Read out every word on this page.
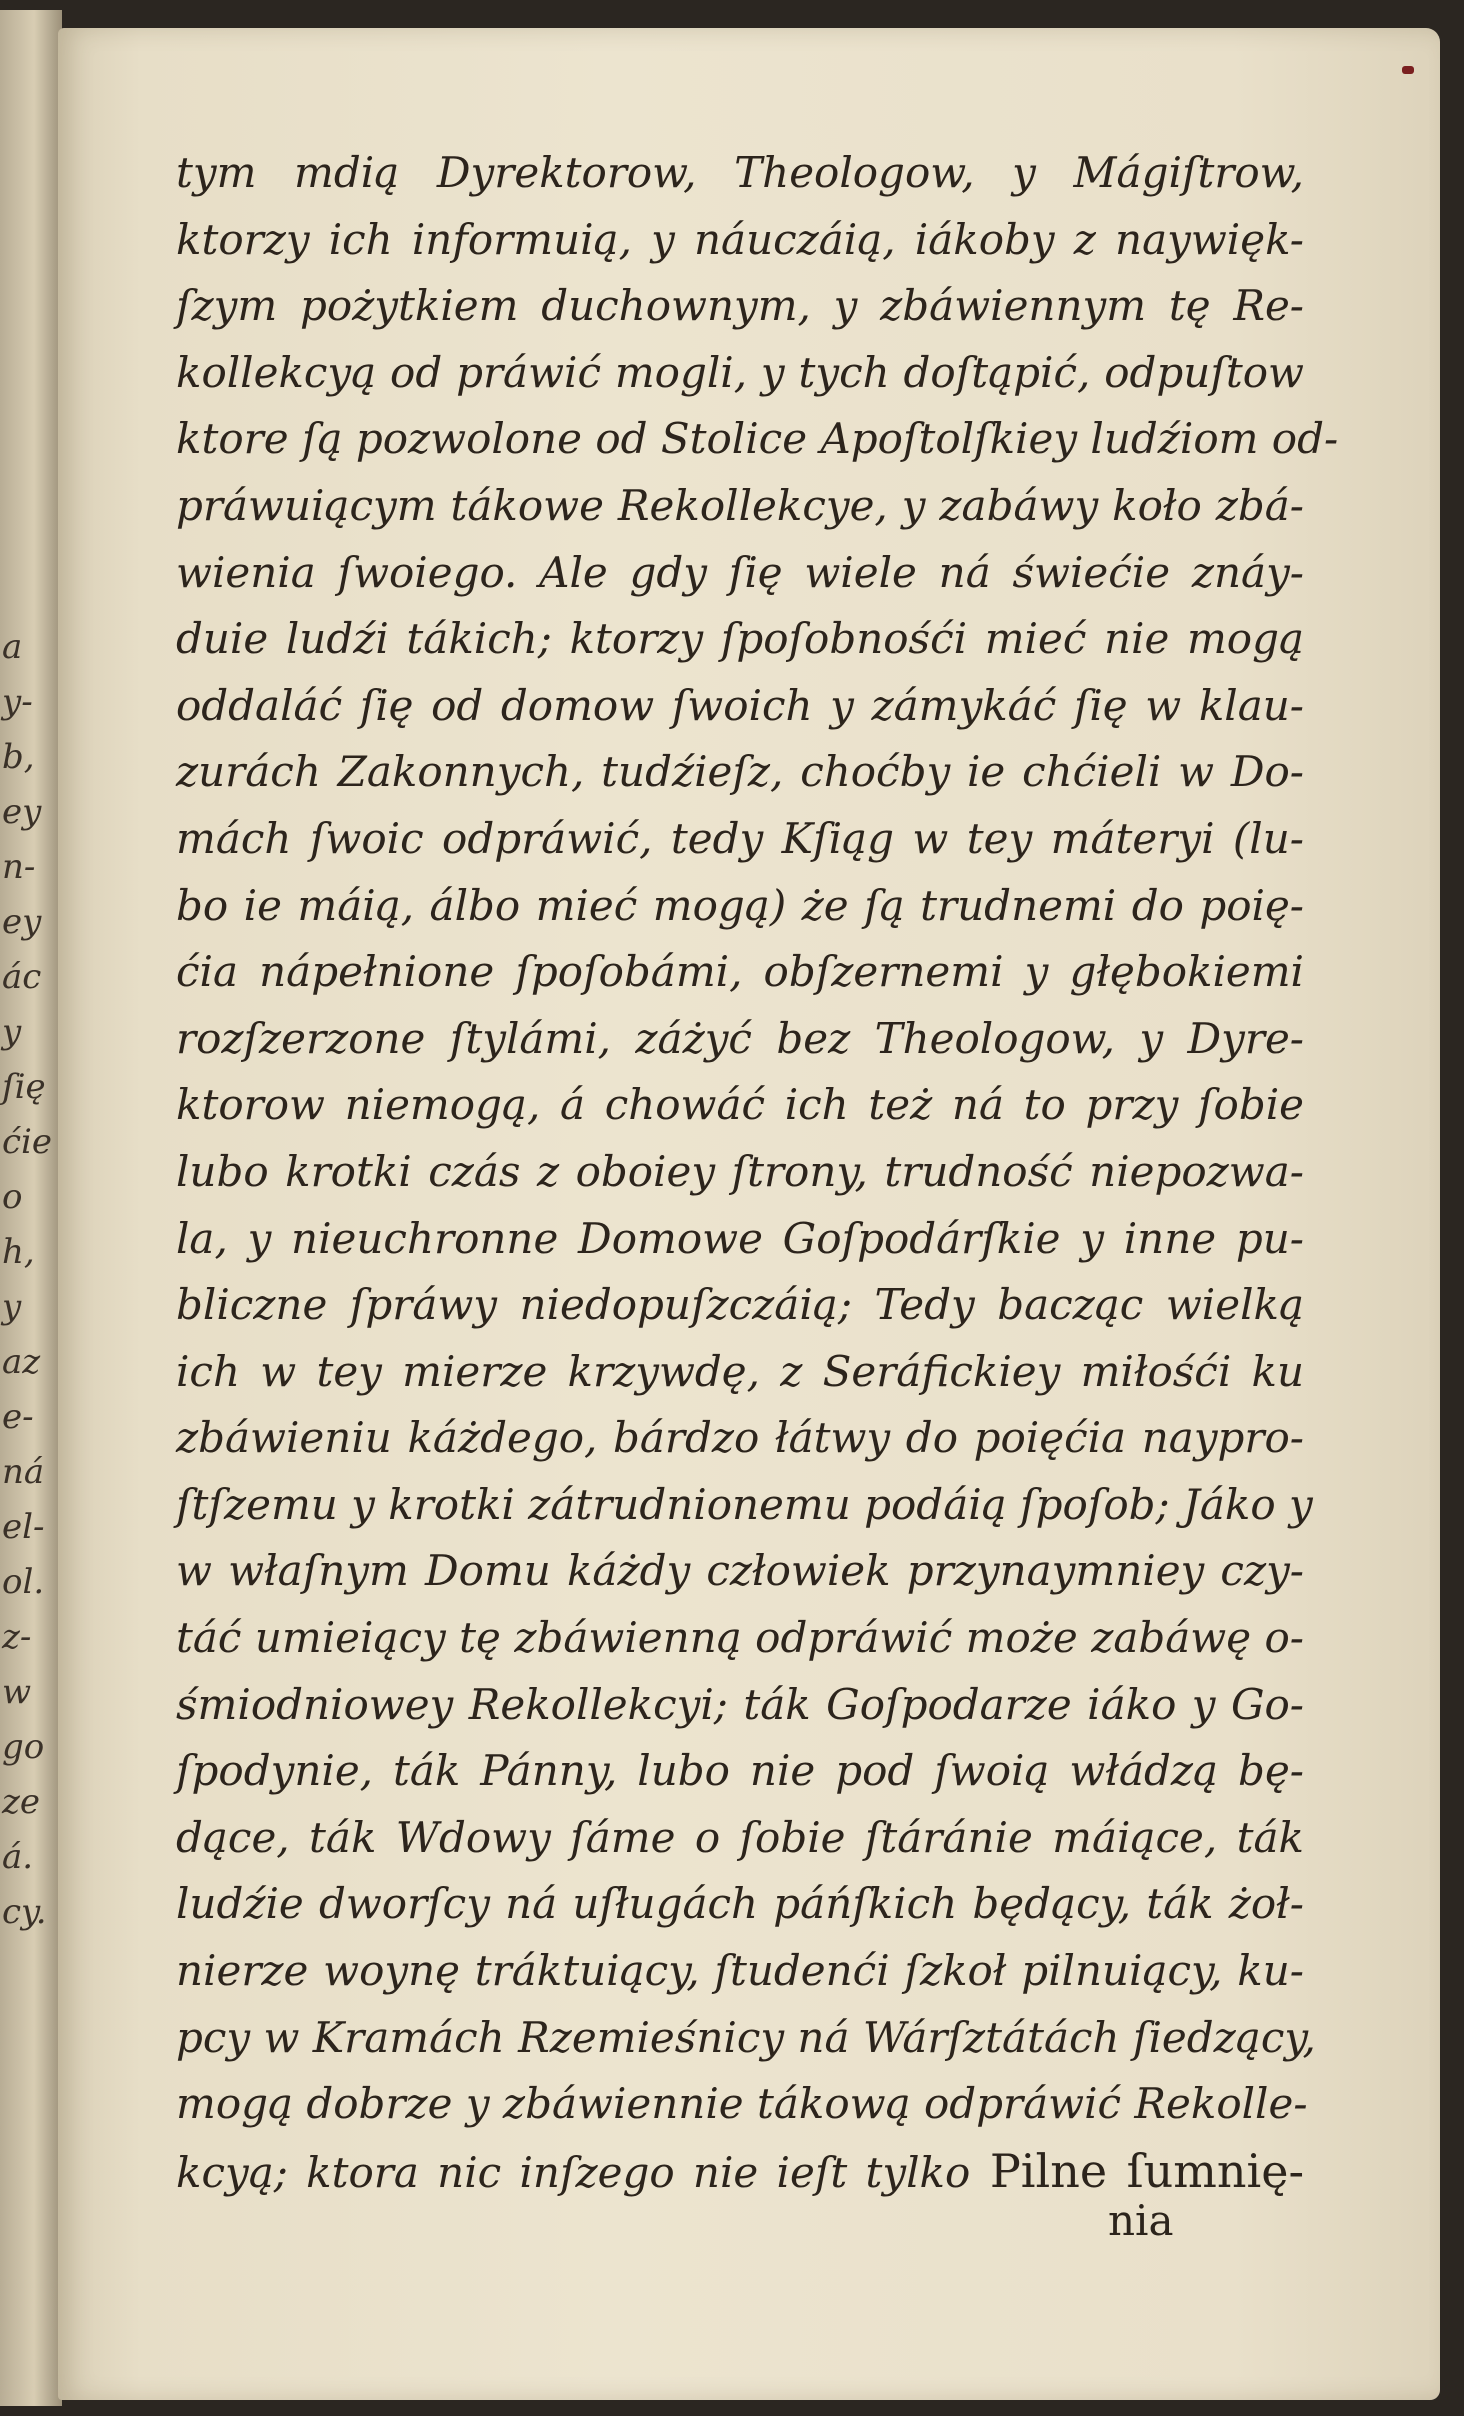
a
y-
b,
ey
n-
ey
ác
y
ſię
ćie
o
h,
y
az
e-
ná
el-
ol.
z-
w
go
ze
á.
cy.
tym mdią Dyrektorow, Theologow, y Mágiſtrow,
ktorzy ich informuią, y náuczáią, iákoby z naywięk-
ſzym pożytkiem duchownym, y zbáwiennym tę Re-
kollekcyą od práwić mogli, y tych doſtąpić, odpuſtow
ktore ſą pozwolone od Stolice Apoſtolſkiey ludźiom od-
práwuiącym tákowe Rekollekcye, y zabáwy koło zbá-
wienia ſwoiego. Ale gdy ſię wiele ná świećie znáy-
duie ludźi tákich; ktorzy ſpoſobnośći mieć nie mogą
oddaláć ſię od domow ſwoich y zámykáć ſię w klau-
zurách Zakonnych, tudźieſz, choćby ie chćieli w Do-
mách ſwoic odpráwić, tedy Kſiąg w tey máteryi (lu-
bo ie máią, álbo mieć mogą) że ſą trudnemi do poię-
ćia nápełnione ſpoſobámi, obſzernemi y głębokiemi
rozſzerzone ſtylámi, záżyć bez Theologow, y Dyre-
ktorow niemogą, á chowáć ich też ná to przy ſobie
lubo krotki czás z oboiey ſtrony, trudność niepozwa-
la, y nieuchronne Domowe Goſpodárſkie y inne pu-
bliczne ſpráwy niedopuſzczáią; Tedy bacząc wielką
ich w tey mierze krzywdę, z Seráfickiey miłośći ku
zbáwieniu káżdego, bárdzo łátwy do poięćia naypro-
ſtſzemu y krotki zátrudnionemu podáią ſpoſob; Jáko y
w właſnym Domu káżdy człowiek przynaymniey czy-
táć umieiący tę zbáwienną odpráwić może zabáwę o-
śmiodniowey Rekollekcyi; ták Goſpodarze iáko y Go-
ſpodynie, ták Pánny, lubo nie pod ſwoią włádzą bę-
dące, ták Wdowy ſáme o ſobie ſtáránie máiące, ták
ludźie dworſcy ná uſługách páńſkich będący, ták żoł-
nierze woynę tráktuiący, ſtudenći ſzkoł pilnuiący, ku-
pcy w Kramách Rzemieśnicy ná Wárſztátách ſiedzący,
mogą dobrze y zbáwiennie tákową odpráwić Rekolle-
kcyą; ktora nic inſzego nie ieſt tylko Pilne ſumnię-
nia
